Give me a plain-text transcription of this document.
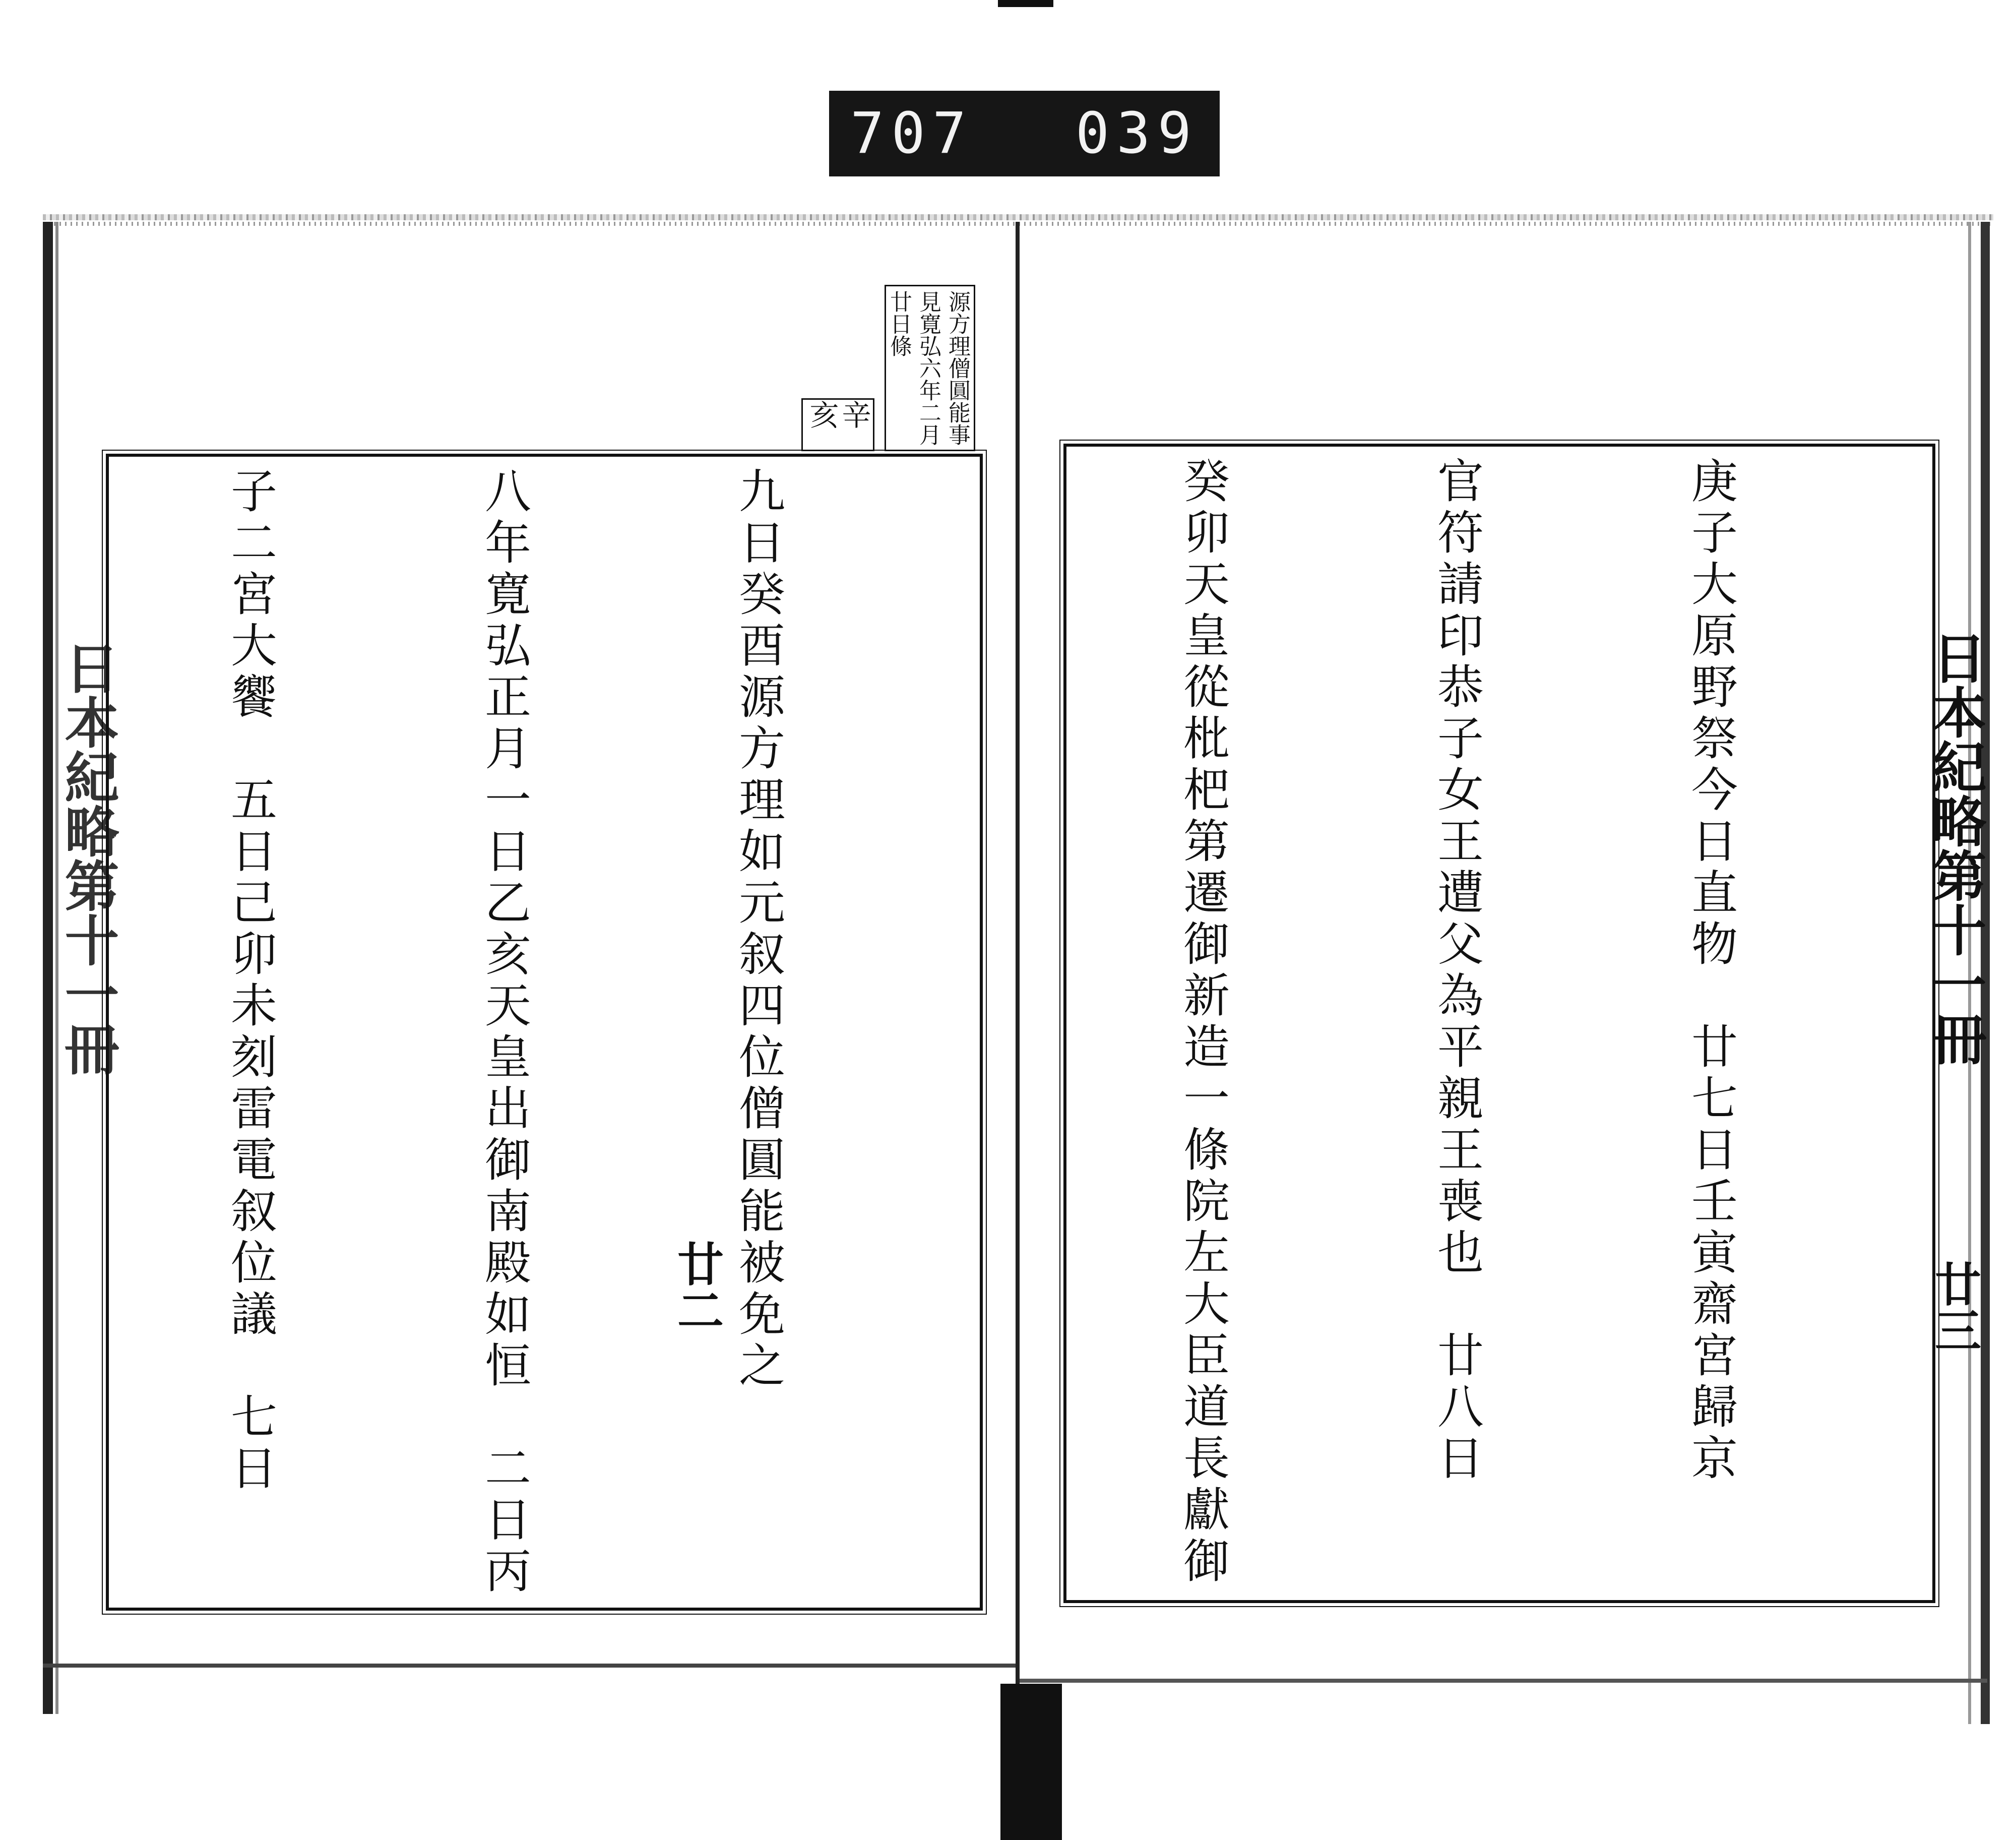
707 039
日本紀略第十一冊
廿二
源方理僧圓能事見寛弘六年二月廿日條
辛亥

九日癸酉源方理如元叙四位僧圓能被免之

八年寛弘正月一日乙亥天皇出御南殿如恒　二日丙

子二宮大饗　五日己卯未刻雷電叙位議　七日

	日本紀略第十一冊
廿三

庚子大原野祭今日直物　廿七日壬寅齋宮歸京

官符請印恭子女王遭父為平親王喪也　廿八日

癸卯天皇從枇杷第遷御新造一條院左大臣道長獻御
